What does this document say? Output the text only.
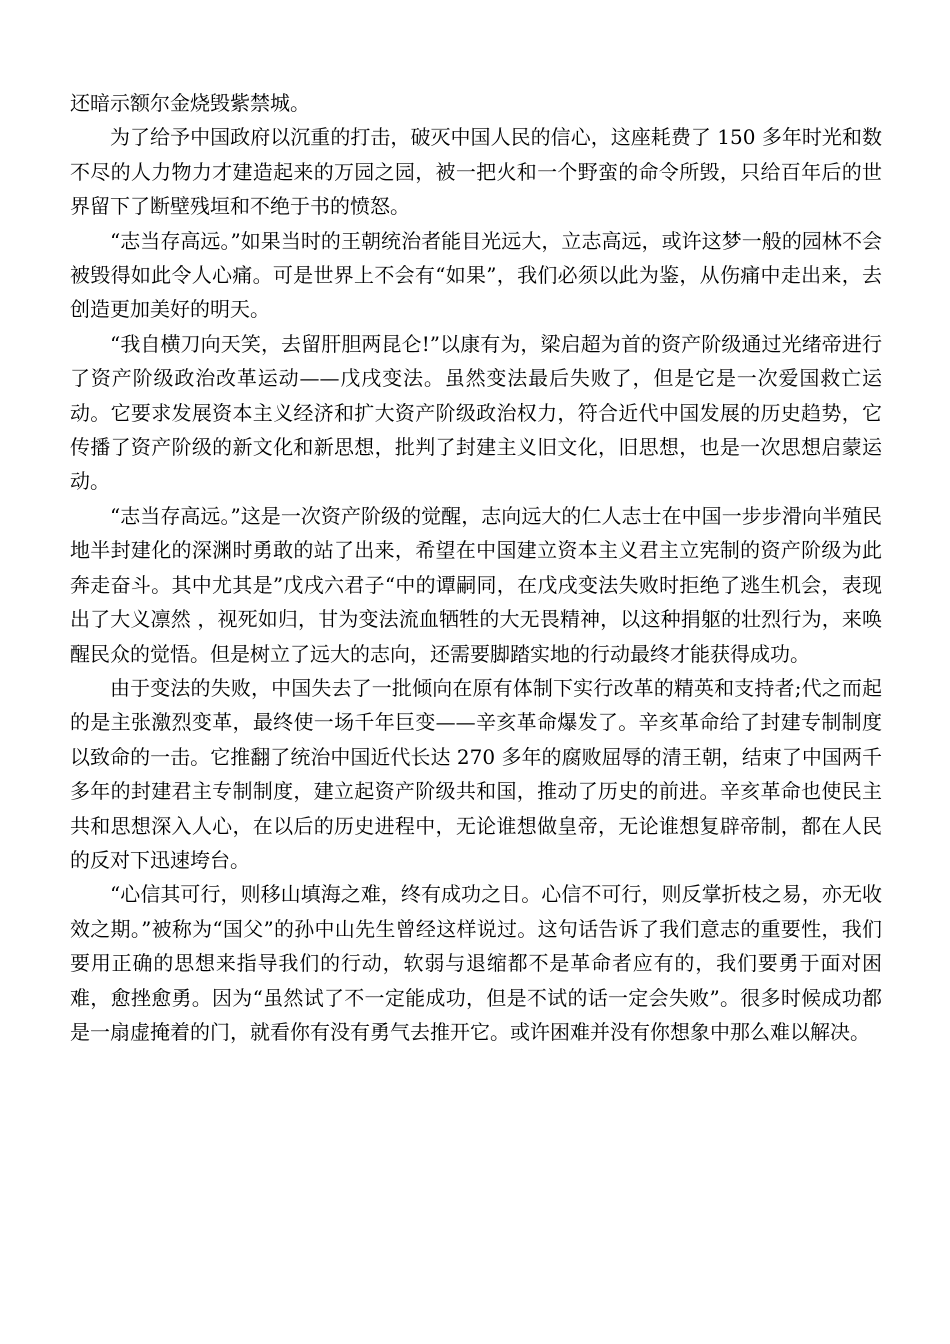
还暗示额尔金烧毁紫禁城。

为了给予中国政府以沉重的打击，破灭中国人民的信心，这座耗费了 150 多年时光和数不尽的人力物力才建造起来的万园之园，被一把火和一个野蛮的命令所毁，只给百年后的世界留下了断壁残垣和不绝于书的愤怒。

“志当存高远。”如果当时的王朝统治者能目光远大，立志高远，或许这梦一般的园林不会被毁得如此令人心痛。可是世界上不会有“如果”，我们必须以此为鉴，从伤痛中走出来，去创造更加美好的明天。

“我自横刀向天笑，去留肝胆两昆仑!”以康有为，梁启超为首的资产阶级通过光绪帝进行了资产阶级政治改革运动——戊戌变法。虽然变法最后失败了，但是它是一次爱国救亡运动。它要求发展资本主义经济和扩大资产阶级政治权力，符合近代中国发展的历史趋势，它传播了资产阶级的新文化和新思想，批判了封建主义旧文化，旧思想，也是一次思想启蒙运动。

“志当存高远。”这是一次资产阶级的觉醒，志向远大的仁人志士在中国一步步滑向半殖民地半封建化的深渊时勇敢的站了出来，希望在中国建立资本主义君主立宪制的资产阶级为此奔走奋斗。其中尤其是”戊戌六君子“中的谭嗣同，在戊戌变法失败时拒绝了逃生机会，表现出了大义凛然 ，视死如归，甘为变法流血牺牲的大无畏精神，以这种捐躯的壮烈行为，来唤醒民众的觉悟。但是树立了远大的志向，还需要脚踏实地的行动最终才能获得成功。

由于变法的失败，中国失去了一批倾向在原有体制下实行改革的精英和支持者;代之而起的是主张激烈变革，最终使一场千年巨变——辛亥革命爆发了。辛亥革命给了封建专制制度以致命的一击。它推翻了统治中国近代长达 270 多年的腐败屈辱的清王朝，结束了中国两千多年的封建君主专制制度，建立起资产阶级共和国，推动了历史的前进。辛亥革命也使民主共和思想深入人心，在以后的历史进程中，无论谁想做皇帝，无论谁想复辟帝制，都在人民的反对下迅速垮台。

“心信其可行，则移山填海之难，终有成功之日。心信不可行，则反掌折枝之易，亦无收效之期。”被称为“国父”的孙中山先生曾经这样说过。这句话告诉了我们意志的重要性，我们要用正确的思想来指导我们的行动，软弱与退缩都不是革命者应有的，我们要勇于面对困难，愈挫愈勇。因为“虽然试了不一定能成功，但是不试的话一定会失败”。很多时候成功都是一扇虚掩着的门，就看你有没有勇气去推开它。或许困难并没有你想象中那么难以解决。
